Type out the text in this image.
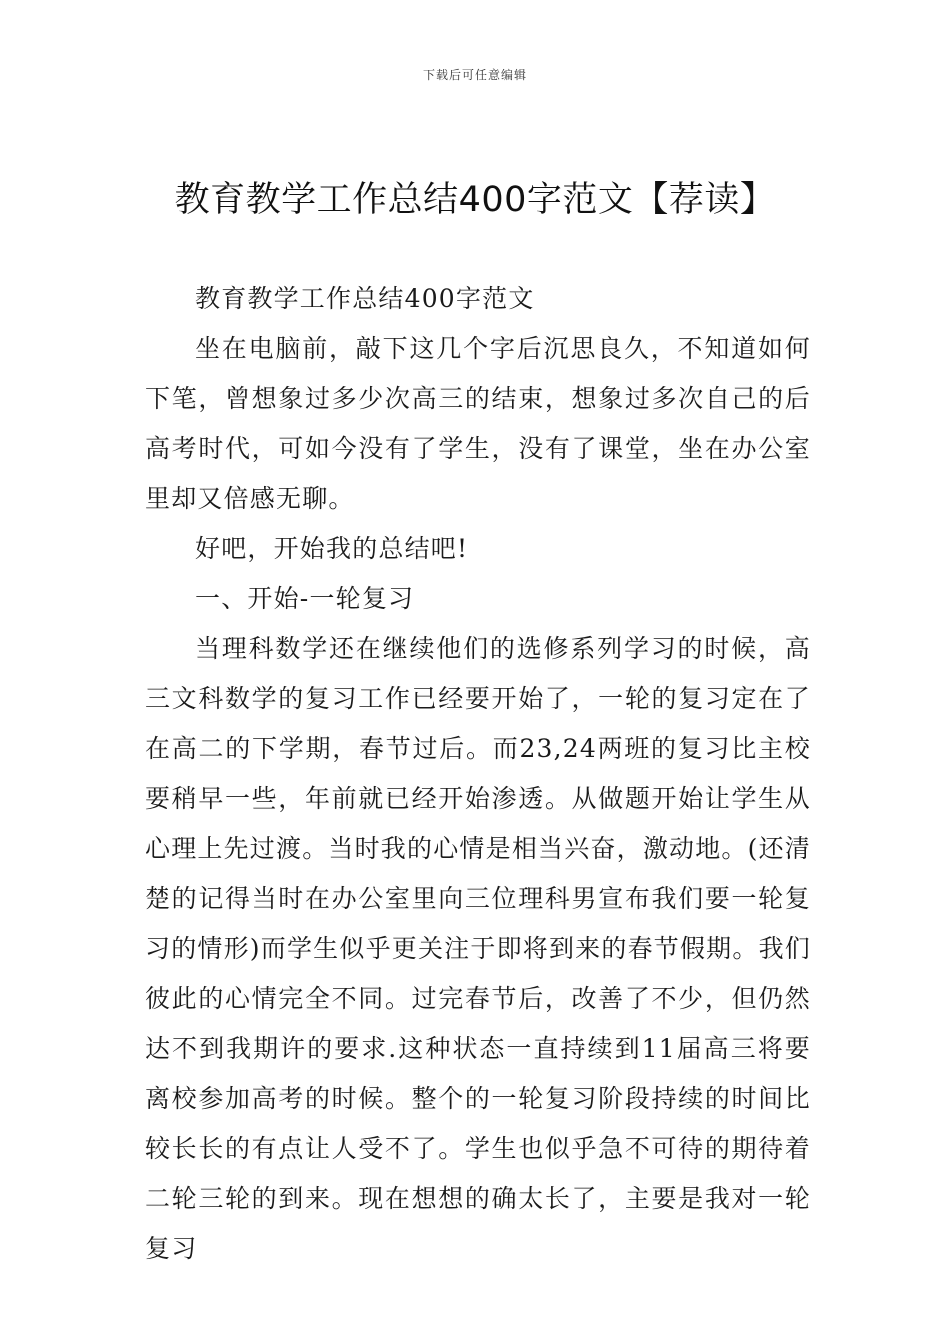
下载后可任意编辑
教育教学工作总结400字范文【荐读】

教育教学工作总结400字范文

坐在电脑前，敲下这几个字后沉思良久，不知道如何下笔，曾想象过多少次高三的结束，想象过多次自己的后高考时代，可如今没有了学生，没有了课堂，坐在办公室里却又倍感无聊。

好吧，开始我的总结吧!

一、开始-一轮复习

当理科数学还在继续他们的选修系列学习的时候，高三文科数学的复习工作已经要开始了，一轮的复习定在了在高二的下学期，春节过后。而23,24两班的复习比主校要稍早一些，年前就已经开始渗透。从做题开始让学生从心理上先过渡。当时我的心情是相当兴奋，激动地。(还清楚的记得当时在办公室里向三位理科男宣布我们要一轮复习的情形)而学生似乎更关注于即将到来的春节假期。我们彼此的心情完全不同。过完春节后，改善了不少，但仍然达不到我期许的要求.这种状态一直持续到11届高三将要离校参加高考的时候。整个的一轮复习阶段持续的时间比较长长的有点让人受不了。学生也似乎急不可待的期待着二轮三轮的到来。现在想想的确太长了，主要是我对一轮复习
